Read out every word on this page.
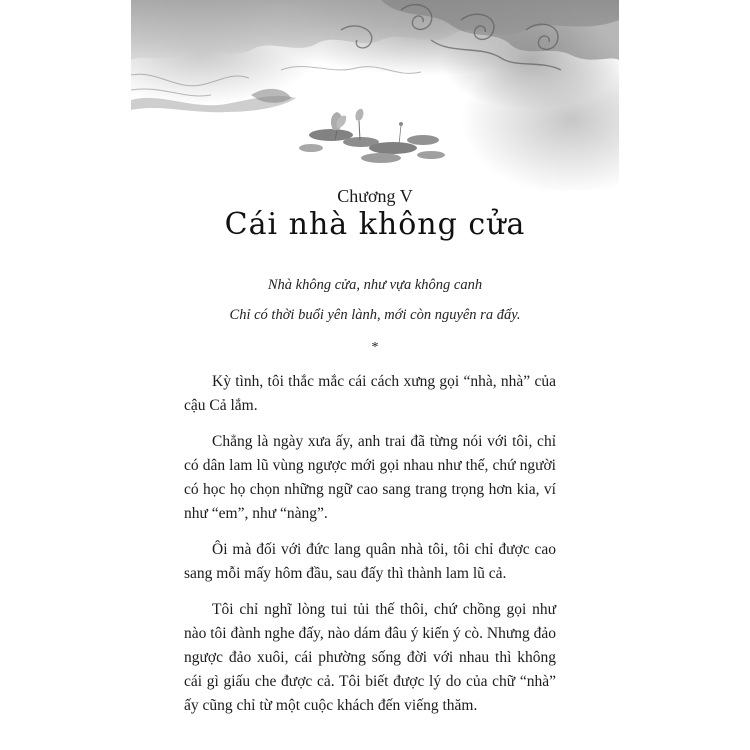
Chương V
Cái nhà không cửa
Nhà không cửa, như vựa không canh
Chỉ có thời buổi yên lành, mới còn nguyên ra đấy.
*

Kỳ tình, tôi thắc mắc cái cách xưng gọi “nhà, nhà” của cậu Cả lắm.

Chẳng là ngày xưa ấy, anh trai đã từng nói với tôi, chỉ có dân lam lũ vùng ngược mới gọi nhau như thế, chứ người có học họ chọn những ngữ cao sang trang trọng hơn kia, ví như “em”, như “nàng”.

Ôi mà đối với đức lang quân nhà tôi, tôi chỉ được cao sang mỗi mấy hôm đầu, sau đấy thì thành lam lũ cả.

Tôi chỉ nghĩ lòng tui tủi thế thôi, chứ chồng gọi như nào tôi đành nghe đấy, nào dám đâu ý kiến ý cò. Nhưng đảo ngược đảo xuôi, cái phường sống đời với nhau thì không cái gì giấu che được cả. Tôi biết được lý do của chữ “nhà” ấy cũng chỉ từ một cuộc khách đến viếng thăm.
